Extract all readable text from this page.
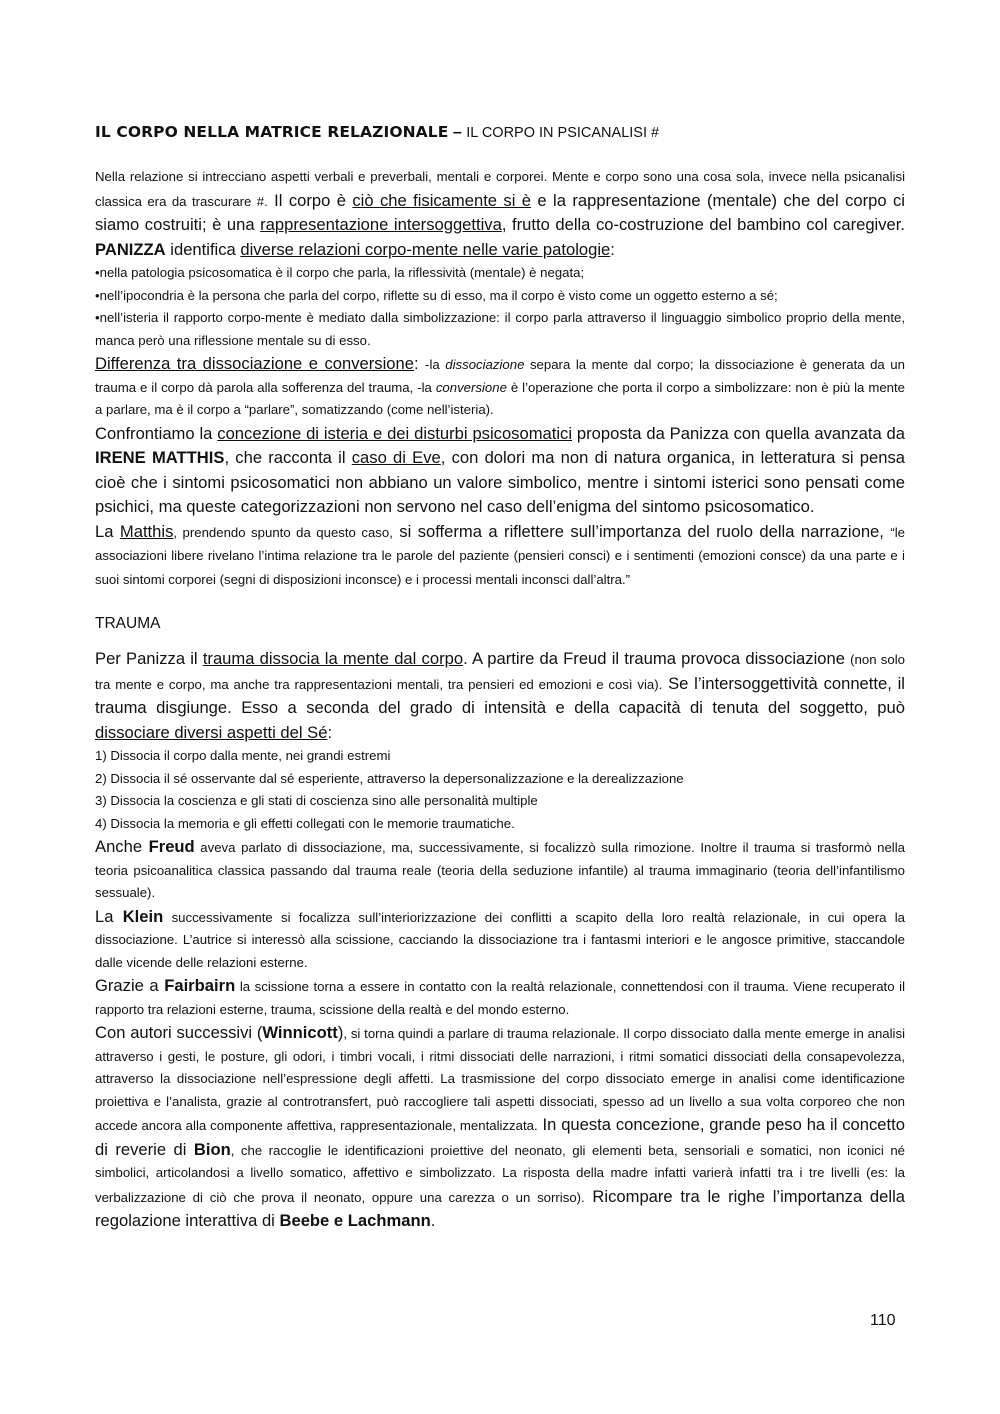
IL CORPO NELLA MATRICE RELAZIONALE – IL CORPO IN PSICANALISI #

Nella relazione si intrecciano aspetti verbali e preverbali, mentali e corporei. Mente e corpo sono una cosa sola, invece nella psicanalisi classica era da trascurare #. Il corpo è ciò che fisicamente si è e la rappresentazione (mentale) che del corpo ci siamo costruiti; è una rappresentazione intersoggettiva, frutto della co-costruzione del bambino col caregiver. PANIZZA identifica diverse relazioni corpo-mente nelle varie patologie:

•nella patologia psicosomatica è il corpo che parla, la riflessività (mentale) è negata;

•nell’ipocondria è la persona che parla del corpo, riflette su di esso, ma il corpo è visto come un oggetto esterno a sé;

•nell’isteria il rapporto corpo-mente è mediato dalla simbolizzazione: il corpo parla attraverso il linguaggio simbolico proprio della mente, manca però una riflessione mentale su di esso.

Differenza tra dissociazione e conversione: -la dissociazione separa la mente dal corpo; la dissociazione è generata da un trauma e il corpo dà parola alla sofferenza del trauma, -la conversione è l’operazione che porta il corpo a simbolizzare: non è più la mente a parlare, ma è il corpo a “parlare”, somatizzando (come nell’isteria).

Confrontiamo la concezione di isteria e dei disturbi psicosomatici proposta da Panizza con quella avanzata da IRENE MATTHIS, che racconta il caso di Eve, con dolori ma non di natura organica, in letteratura si pensa cioè che i sintomi psicosomatici non abbiano un valore simbolico, mentre i sintomi isterici sono pensati come psichici, ma queste categorizzazioni non servono nel caso dell’enigma del sintomo psicosomatico.

La Matthis, prendendo spunto da questo caso, si sofferma a riflettere sull’importanza del ruolo della narrazione, “le associazioni libere rivelano l’intima relazione tra le parole del paziente (pensieri consci) e i sentimenti (emozioni consce) da una parte e i suoi sintomi corporei (segni di disposizioni inconsce) e i processi mentali inconsci dall’altra.”

TRAUMA

Per Panizza il trauma dissocia la mente dal corpo. A partire da Freud il trauma provoca dissociazione (non solo tra mente e corpo, ma anche tra rappresentazioni mentali, tra pensieri ed emozioni e così via). Se l’intersoggettività connette, il trauma disgiunge. Esso a seconda del grado di intensità e della capacità di tenuta del soggetto, può dissociare diversi aspetti del Sé:

1) Dissocia il corpo dalla mente, nei grandi estremi

2) Dissocia il sé osservante dal sé esperiente, attraverso la depersonalizzazione e la derealizzazione

3) Dissocia la coscienza e gli stati di coscienza sino alle personalità multiple

4) Dissocia la memoria e gli effetti collegati con le memorie traumatiche.

Anche Freud aveva parlato di dissociazione, ma, successivamente, si focalizzò sulla rimozione. Inoltre il trauma si trasformò nella teoria psicoanalitica classica passando dal trauma reale (teoria della seduzione infantile) al trauma immaginario (teoria dell’infantilismo sessuale).

La Klein successivamente si focalizza sull’interiorizzazione dei conflitti a scapito della loro realtà relazionale, in cui opera la dissociazione. L’autrice si interessò alla scissione, cacciando la dissociazione tra i fantasmi interiori e le angosce primitive, staccandole dalle vicende delle relazioni esterne.

Grazie a Fairbairn la scissione torna a essere in contatto con la realtà relazionale, connettendosi con il trauma. Viene recuperato il rapporto tra relazioni esterne, trauma, scissione della realtà e del mondo esterno.

Con autori successivi (Winnicott), si torna quindi a parlare di trauma relazionale. Il corpo dissociato dalla mente emerge in analisi attraverso i gesti, le posture, gli odori, i timbri vocali, i ritmi dissociati delle narrazioni, i ritmi somatici dissociati della consapevolezza, attraverso la dissociazione nell’espressione degli affetti. La trasmissione del corpo dissociato emerge in analisi come identificazione proiettiva e l’analista, grazie al controtransfert, può raccogliere tali aspetti dissociati, spesso ad un livello a sua volta corporeo che non accede ancora alla componente affettiva, rappresentazionale, mentalizzata. In questa concezione, grande peso ha il concetto di reverie di Bion, che raccoglie le identificazioni proiettive del neonato, gli elementi beta, sensoriali e somatici, non iconici né simbolici, articolandosi a livello somatico, affettivo e simbolizzato. La risposta della madre infatti varierà infatti tra i tre livelli (es: la verbalizzazione di ciò che prova il neonato, oppure una carezza o un sorriso). Ricompare tra le righe l’importanza della regolazione interattiva di Beebe e Lachmann.

110
